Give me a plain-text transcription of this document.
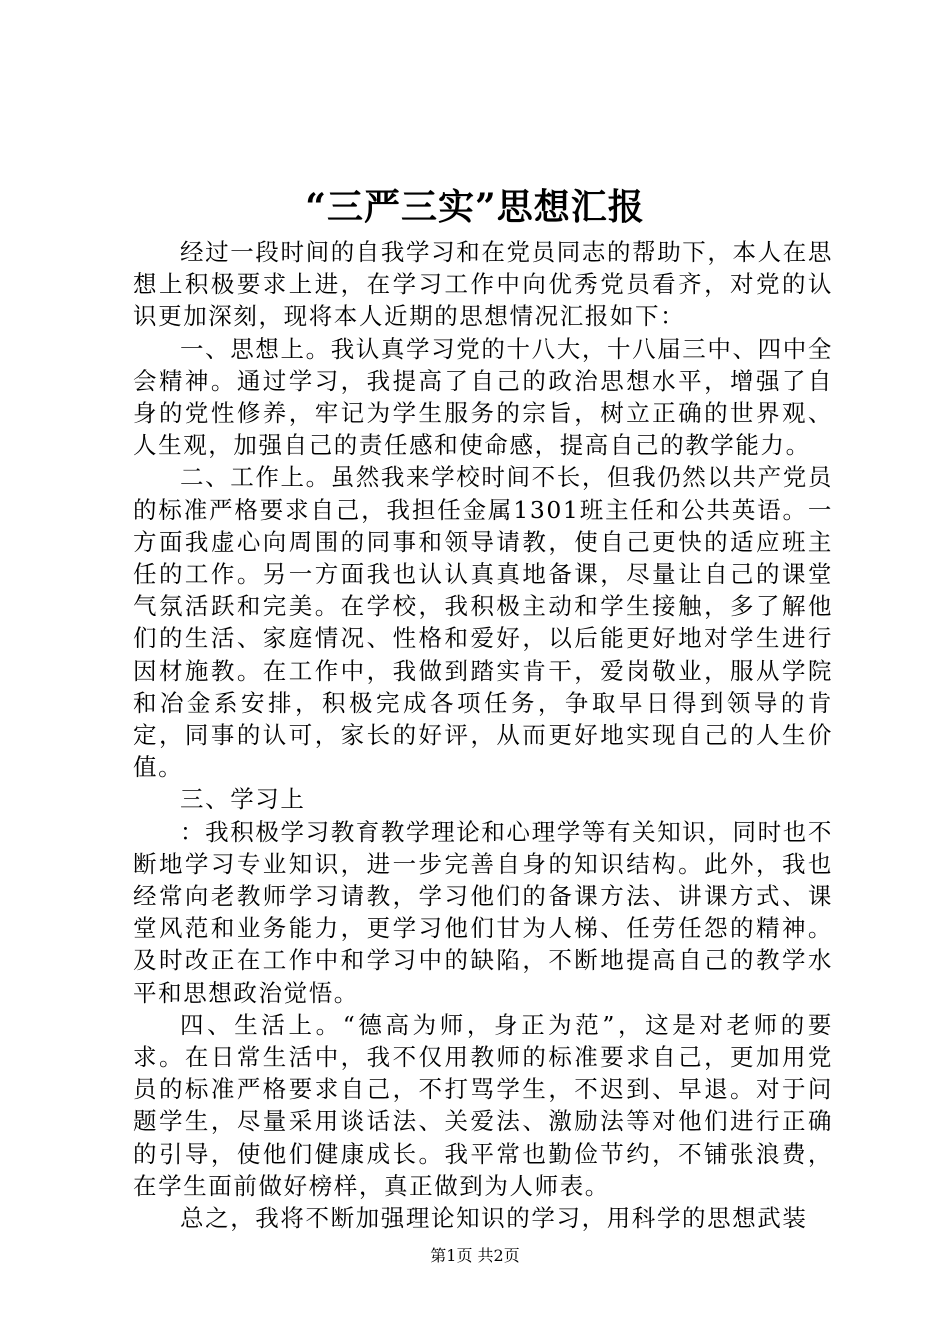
“三严三实”思想汇报

经过一段时间的自我学习和在党员同志的帮助下，本人在思想上积极要求上进，在学习工作中向优秀党员看齐，对党的认识更加深刻，现将本人近期的思想情况汇报如下：

一、思想上。我认真学习党的十八大，十八届三中、四中全会精神。通过学习，我提高了自己的政治思想水平，增强了自身的党性修养，牢记为学生服务的宗旨，树立正确的世界观、人生观，加强自己的责任感和使命感，提高自己的教学能力。

二、工作上。虽然我来学校时间不长，但我仍然以共产党员的标准严格要求自己，我担任金属1301班主任和公共英语。一方面我虚心向周围的同事和领导请教，使自己更快的适应班主任的工作。另一方面我也认认真真地备课，尽量让自己的课堂气氛活跃和完美。在学校，我积极主动和学生接触，多了解他们的生活、家庭情况、性格和爱好，以后能更好地对学生进行因材施教。在工作中，我做到踏实肯干，爱岗敬业，服从学院和冶金系安排，积极完成各项任务，争取早日得到领导的肯定，同事的认可，家长的好评，从而更好地实现自己的人生价值。

三、学习上

：我积极学习教育教学理论和心理学等有关知识，同时也不断地学习专业知识，进一步完善自身的知识结构。此外，我也经常向老教师学习请教，学习他们的备课方法、讲课方式、课堂风范和业务能力，更学习他们甘为人梯、任劳任怨的精神。及时改正在工作中和学习中的缺陷，不断地提高自己的教学水平和思想政治觉悟。

四、生活上。“德高为师，身正为范”，这是对老师的要求。在日常生活中，我不仅用教师的标准要求自己，更加用党员的标准严格要求自己，不打骂学生，不迟到、早退。对于问题学生，尽量采用谈话法、关爱法、激励法等对他们进行正确的引导，使他们健康成长。我平常也勤俭节约，不铺张浪费，在学生面前做好榜样，真正做到为人师表。

总之，我将不断加强理论知识的学习，用科学的思想武装

第1页 共2页
